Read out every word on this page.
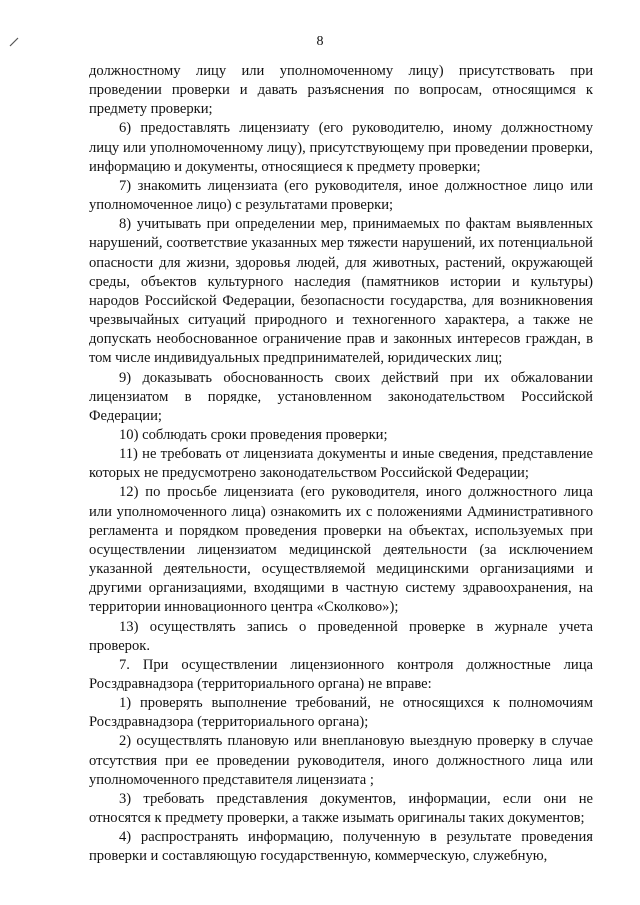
8

должностному лицу или уполномоченному лицу) присутствовать при проведении проверки и давать разъяснения по вопросам, относящимся к предмету проверки;

6) предоставлять лицензиату (его руководителю, иному должностному лицу или уполномоченному лицу), присутствующему при проведении проверки, информацию и документы, относящиеся к предмету проверки;

7) знакомить лицензиата (его руководителя, иное должностное лицо или уполномоченное лицо) с результатами проверки;

8) учитывать при определении мер, принимаемых по фактам выявленных нарушений, соответствие указанных мер тяжести нарушений, их потенциальной опасности для жизни, здоровья людей, для животных, растений, окружающей среды, объектов культурного наследия (памятников истории и культуры) народов Российской Федерации, безопасности государства, для возникновения чрезвычайных ситуаций природного и техногенного характера, а также не допускать необоснованное ограничение прав и законных интересов граждан, в том числе индивидуальных предпринимателей, юридических лиц;

9) доказывать обоснованность своих действий при их обжаловании лицензиатом в порядке, установленном законодательством Российской Федерации;

10) соблюдать сроки проведения проверки;

11) не требовать от лицензиата документы и иные сведения, представление которых не предусмотрено законодательством Российской Федерации;

12) по просьбе лицензиата (его руководителя, иного должностного лица или уполномоченного лица) ознакомить их с положениями Административного регламента и порядком проведения проверки на объектах, используемых при осуществлении лицензиатом медицинской деятельности (за исключением указанной деятельности, осуществляемой медицинскими организациями и другими организациями, входящими в частную систему здравоохранения, на территории инновационного центра «Сколково»);

13) осуществлять запись о проведенной проверке в журнале учета проверок.

7. При осуществлении лицензионного контроля должностные лица Росздравнадзора (территориального органа) не вправе:

1) проверять выполнение требований, не относящихся к полномочиям Росздравнадзора (территориального органа);

2) осуществлять плановую или внеплановую выездную проверку в случае отсутствия при ее проведении руководителя, иного должностного лица или уполномоченного представителя лицензиата ;

3) требовать представления документов, информации, если они не относятся к предмету проверки, а также изымать оригиналы таких документов;

4) распространять информацию, полученную в результате проведения проверки и составляющую государственную, коммерческую, служебную,
